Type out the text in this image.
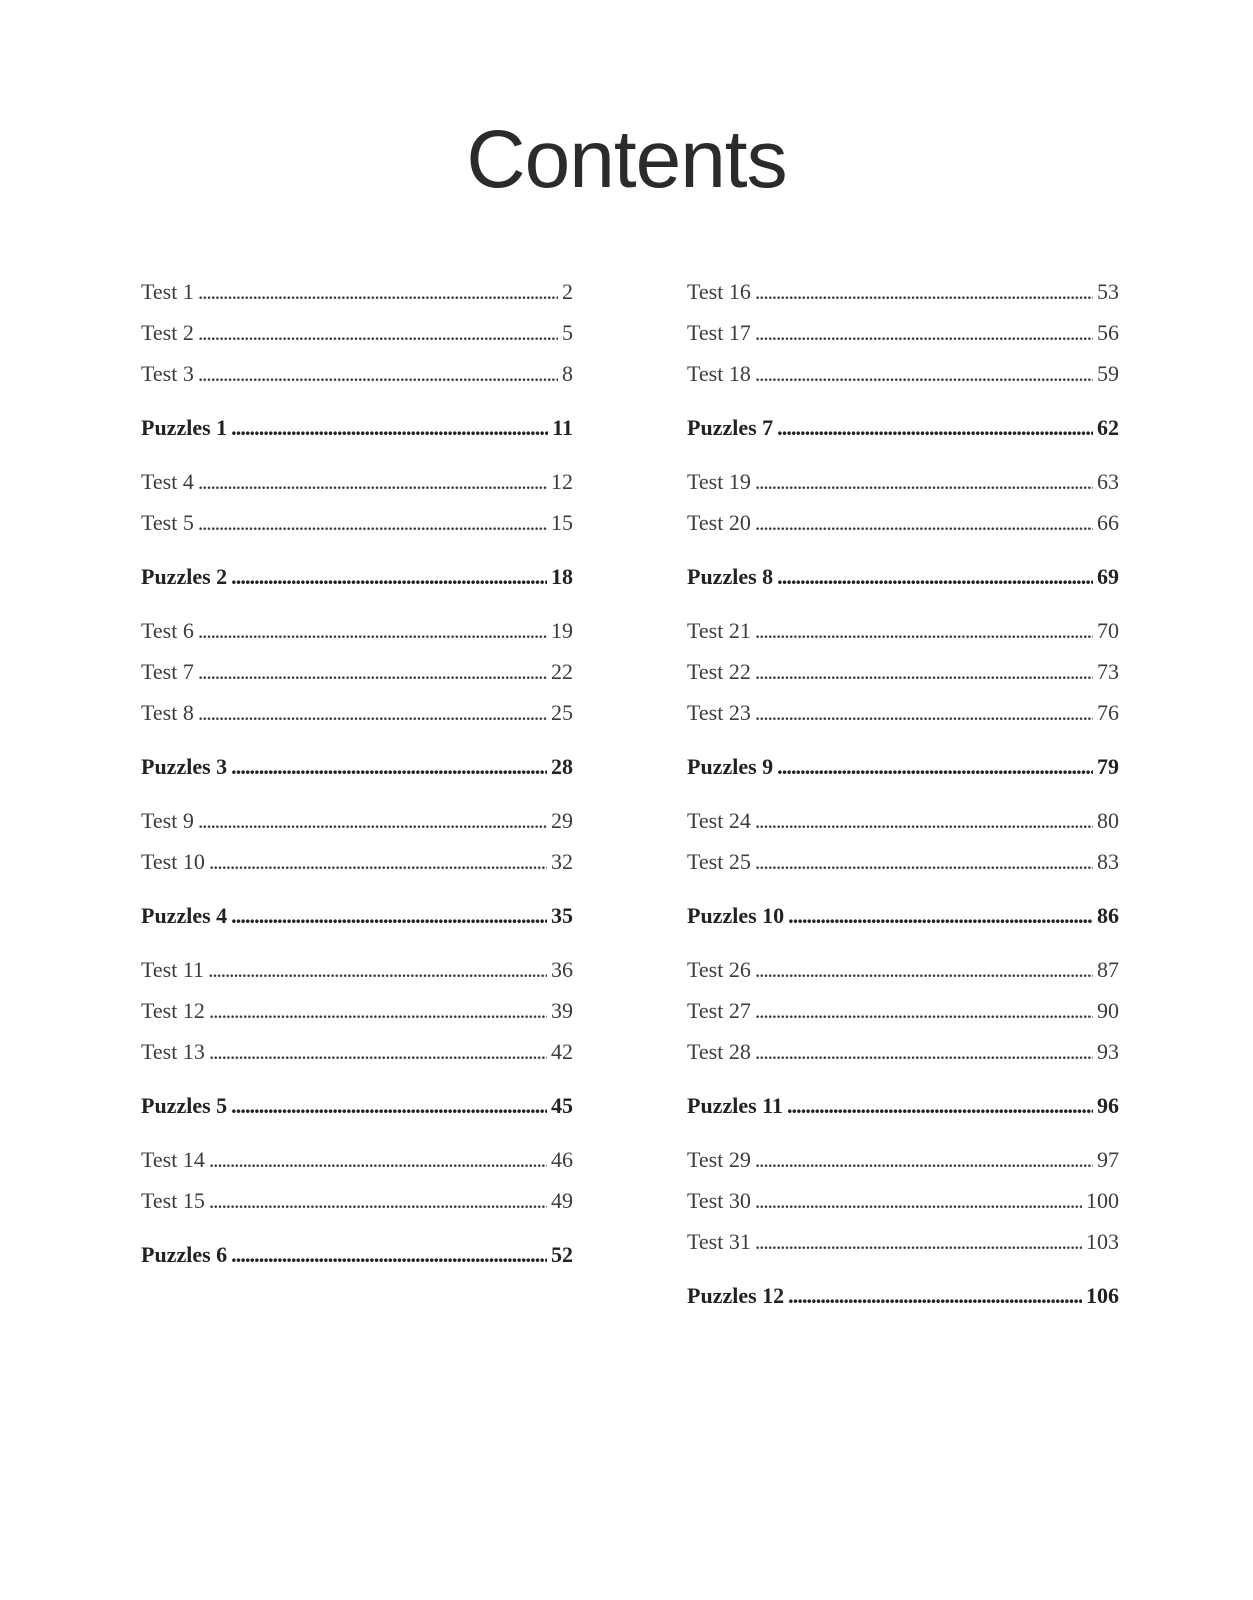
Contents
Test 1 . . .	2
Test 2 . . .	5
Test 3 . . .	8
Puzzles 1 . . .	11
Test 4 . . .	12
Test 5 . . .	15
Puzzles 2 . . .	18
Test 6 . . .	19
Test 7 . . .	22
Test 8 . . .	25
Puzzles 3 . . .	28
Test 9 . . .	29
Test 10 . . .	32
Puzzles 4 . . .	35
Test 11 . . .	36
Test 12 . . .	39
Test 13 . . .	42
Puzzles 5 . . .	45
Test 14 . . .	46
Test 15 . . .	49
Puzzles 6 . . .	52
Test 16 . . .	53
Test 17 . . .	56
Test 18 . . .	59
Puzzles 7 . . .	62
Test 19 . . .	63
Test 20 . . .	66
Puzzles 8 . . .	69
Test 21 . . .	70
Test 22 . . .	73
Test 23 . . .	76
Puzzles 9 . . .	79
Test 24 . . .	80
Test 25 . . .	83
Puzzles 10 . . .	86
Test 26 . . .	87
Test 27 . . .	90
Test 28 . . .	93
Puzzles 11 . . .	96
Test 29 . . .	97
Test 30 . . .	100
Test 31 . . .	103
Puzzles 12 . . .	106
